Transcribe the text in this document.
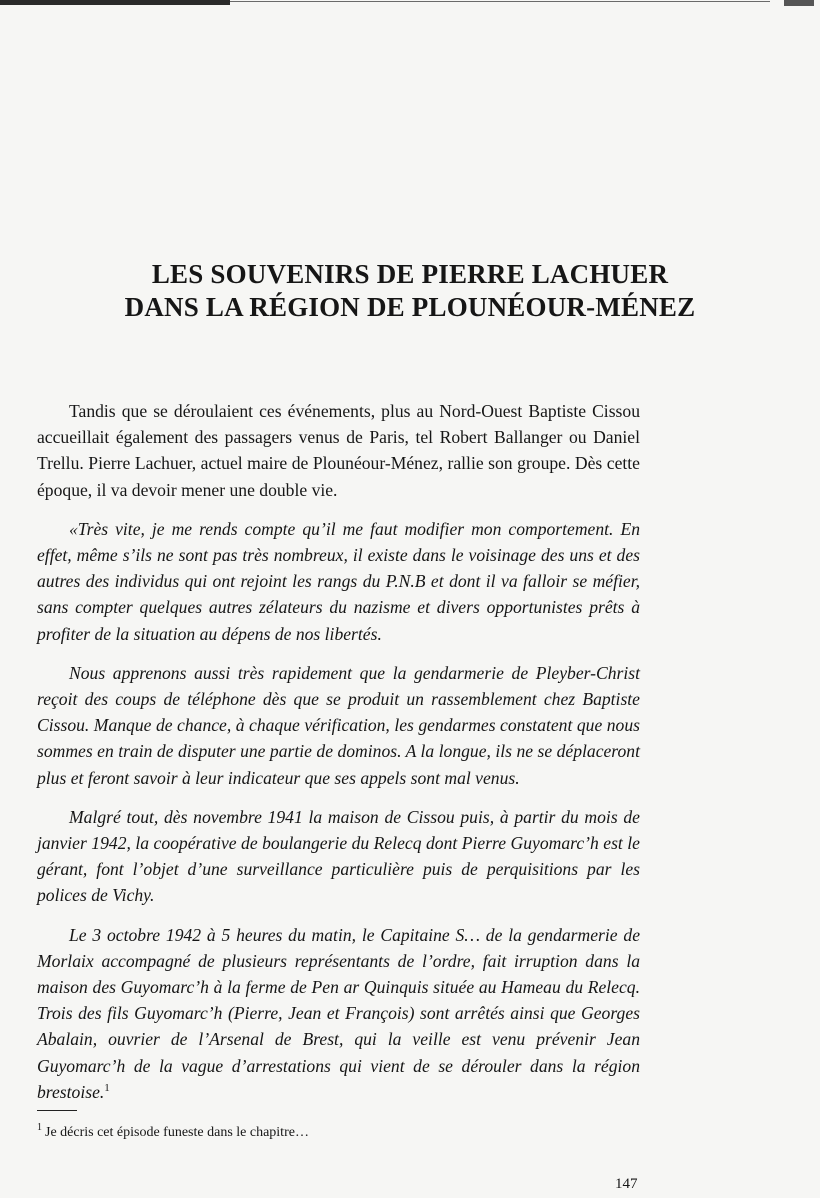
LES SOUVENIRS DE PIERRE LACHUER
DANS LA RÉGION DE PLOUNÉOUR-MÉNEZ

Tandis que se déroulaient ces événements, plus au Nord-Ouest Baptiste Cissou accueillait également des passagers venus de Paris, tel Robert Ballanger ou Daniel Trellu. Pierre Lachuer, actuel maire de Plounéour-Ménez, rallie son groupe. Dès cette époque, il va devoir mener une double vie.

«Très vite, je me rends compte qu’il me faut modifier mon comportement. En effet, même s’ils ne sont pas très nombreux, il existe dans le voisinage des uns et des autres des individus qui ont rejoint les rangs du P.N.B et dont il va falloir se méfier, sans compter quelques autres zélateurs du nazisme et divers opportunistes prêts à profiter de la situation au dépens de nos libertés.

Nous apprenons aussi très rapidement que la gendarmerie de Pleyber-Christ reçoit des coups de téléphone dès que se produit un rassemblement chez Baptiste Cissou. Manque de chance, à chaque vérification, les gendarmes constatent que nous sommes en train de disputer une partie de dominos. A la longue, ils ne se déplaceront plus et feront savoir à leur indicateur que ses appels sont mal venus.

Malgré tout, dès novembre 1941 la maison de Cissou puis, à partir du mois de janvier 1942, la coopérative de boulangerie du Relecq dont Pierre Guyomarc’h est le gérant, font l’objet d’une surveillance particulière puis de perquisitions par les polices de Vichy.

Le 3 octobre 1942 à 5 heures du matin, le Capitaine S… de la gendarmerie de Morlaix accompagné de plusieurs représentants de l’ordre, fait irruption dans la maison des Guyomarc’h à la ferme de Pen ar Quinquis située au Hameau du Relecq. Trois des fils Guyomarc’h (Pierre, Jean et François) sont arrêtés ainsi que Georges Abalain, ouvrier de l’Arsenal de Brest, qui la veille est venu prévenir Jean Guyomarc’h de la vague d’arrestations qui vient de se dérouler dans la région brestoise.$^1$

$^1$ Je décris cet épisode funeste dans le chapitre…
147
